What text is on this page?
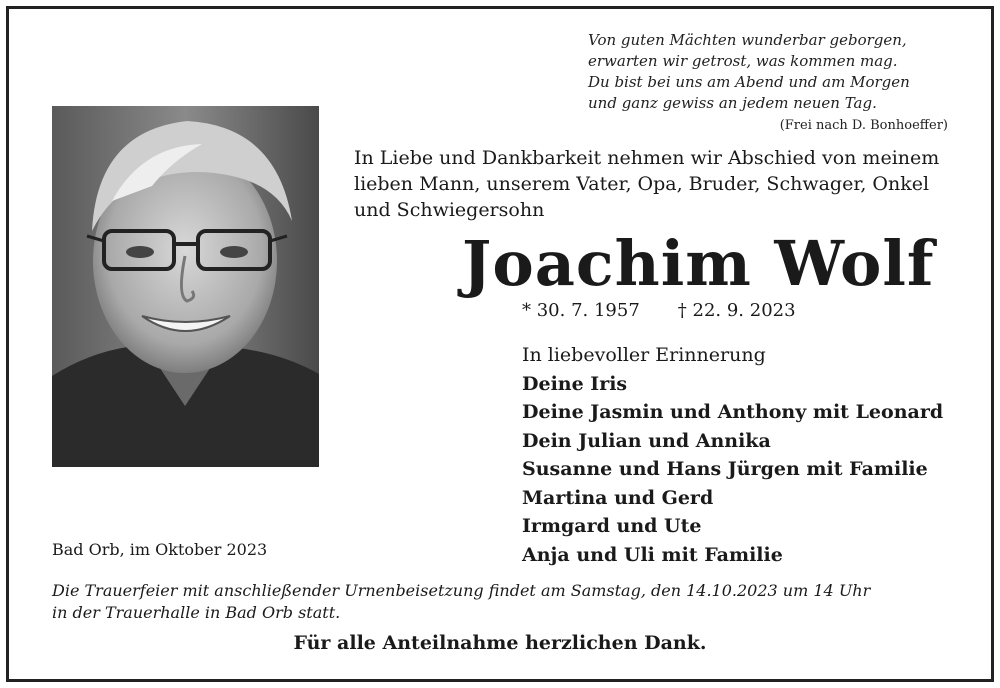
Von guten Mächten wunderbar geborgen,
erwarten wir getrost, was kommen mag.
Du bist bei uns am Abend und am Morgen
und ganz gewiss an jedem neuen Tag.
(Frei nach D. Bonhoeffer)
In Liebe und Dankbarkeit nehmen wir Abschied von meinem
lieben Mann, unserem Vater, Opa, Bruder, Schwager, Onkel
und Schwiegersohn
Joachim Wolf
* 30. 7. 1957 † 22. 9. 2023
In liebevoller Erinnerung
Deine Iris
Deine Jasmin und Anthony mit Leonard
Dein Julian und Annika
Susanne und Hans Jürgen mit Familie
Martina und Gerd
Irmgard und Ute
Anja und Uli mit Familie
Bad Orb, im Oktober 2023
Die Trauerfeier mit anschließender Urnenbeisetzung findet am Samstag, den 14.10.2023 um 14 Uhr
in der Trauerhalle in Bad Orb statt.
Für alle Anteilnahme herzlichen Dank.
